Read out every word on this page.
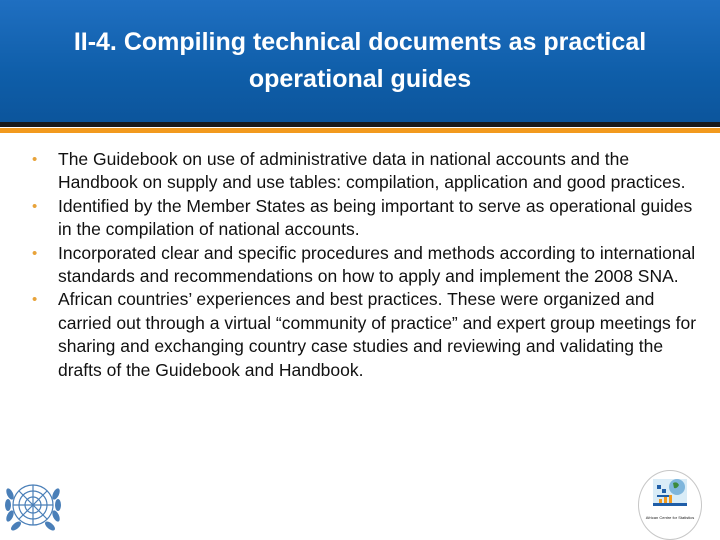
II-4. Compiling technical documents as practical
operational guides
• The Guidebook on use of administrative data in national accounts and the Handbook on supply and use tables: compilation, application and good practices.
• Identified by the Member States as being important to serve as operational guides in the compilation of national accounts.
• Incorporated clear and specific procedures and methods according to international standards and recommendations on how to apply and implement the 2008 SNA.
• African countries’ experiences and best practices. These were organized and carried out through a virtual “community of practice” and expert group meetings for sharing and exchanging country case studies and reviewing and validating the drafts of the Guidebook and Handbook.
African Centre for Statistics
